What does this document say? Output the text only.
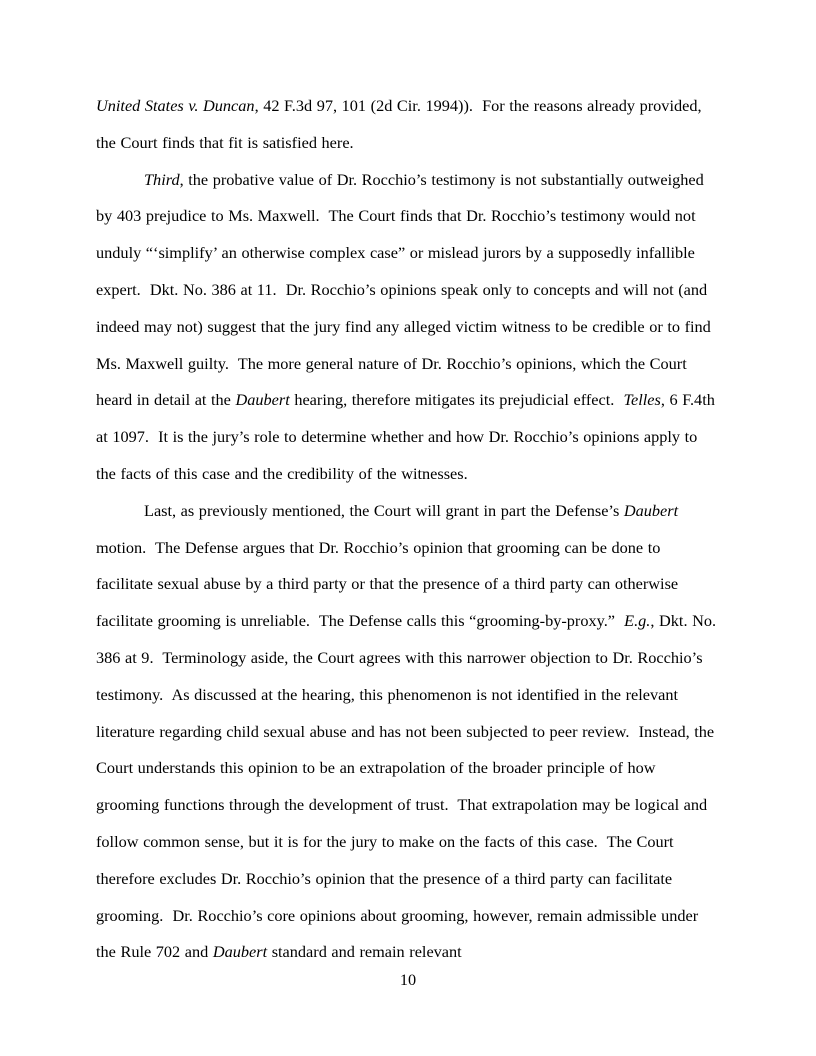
United States v. Duncan, 42 F.3d 97, 101 (2d Cir. 1994)).  For the reasons already provided, the Court finds that fit is satisfied here.

Third, the probative value of Dr. Rocchio’s testimony is not substantially outweighed by 403 prejudice to Ms. Maxwell.  The Court finds that Dr. Rocchio’s testimony would not unduly “‘simplify’ an otherwise complex case” or mislead jurors by a supposedly infallible expert.  Dkt. No. 386 at 11.  Dr. Rocchio’s opinions speak only to concepts and will not (and indeed may not) suggest that the jury find any alleged victim witness to be credible or to find Ms. Maxwell guilty.  The more general nature of Dr. Rocchio’s opinions, which the Court heard in detail at the Daubert hearing, therefore mitigates its prejudicial effect.  Telles, 6 F.4th at 1097.  It is the jury’s role to determine whether and how Dr. Rocchio’s opinions apply to the facts of this case and the credibility of the witnesses.

Last, as previously mentioned, the Court will grant in part the Defense’s Daubert motion.  The Defense argues that Dr. Rocchio’s opinion that grooming can be done to facilitate sexual abuse by a third party or that the presence of a third party can otherwise facilitate grooming is unreliable.  The Defense calls this “grooming-by-proxy.”  E.g., Dkt. No. 386 at 9.  Terminology aside, the Court agrees with this narrower objection to Dr. Rocchio’s testimony.  As discussed at the hearing, this phenomenon is not identified in the relevant literature regarding child sexual abuse and has not been subjected to peer review.  Instead, the Court understands this opinion to be an extrapolation of the broader principle of how grooming functions through the development of trust.  That extrapolation may be logical and follow common sense, but it is for the jury to make on the facts of this case.  The Court therefore excludes Dr. Rocchio’s opinion that the presence of a third party can facilitate grooming.  Dr. Rocchio’s core opinions about grooming, however, remain admissible under the Rule 702 and Daubert standard and remain relevant

10
